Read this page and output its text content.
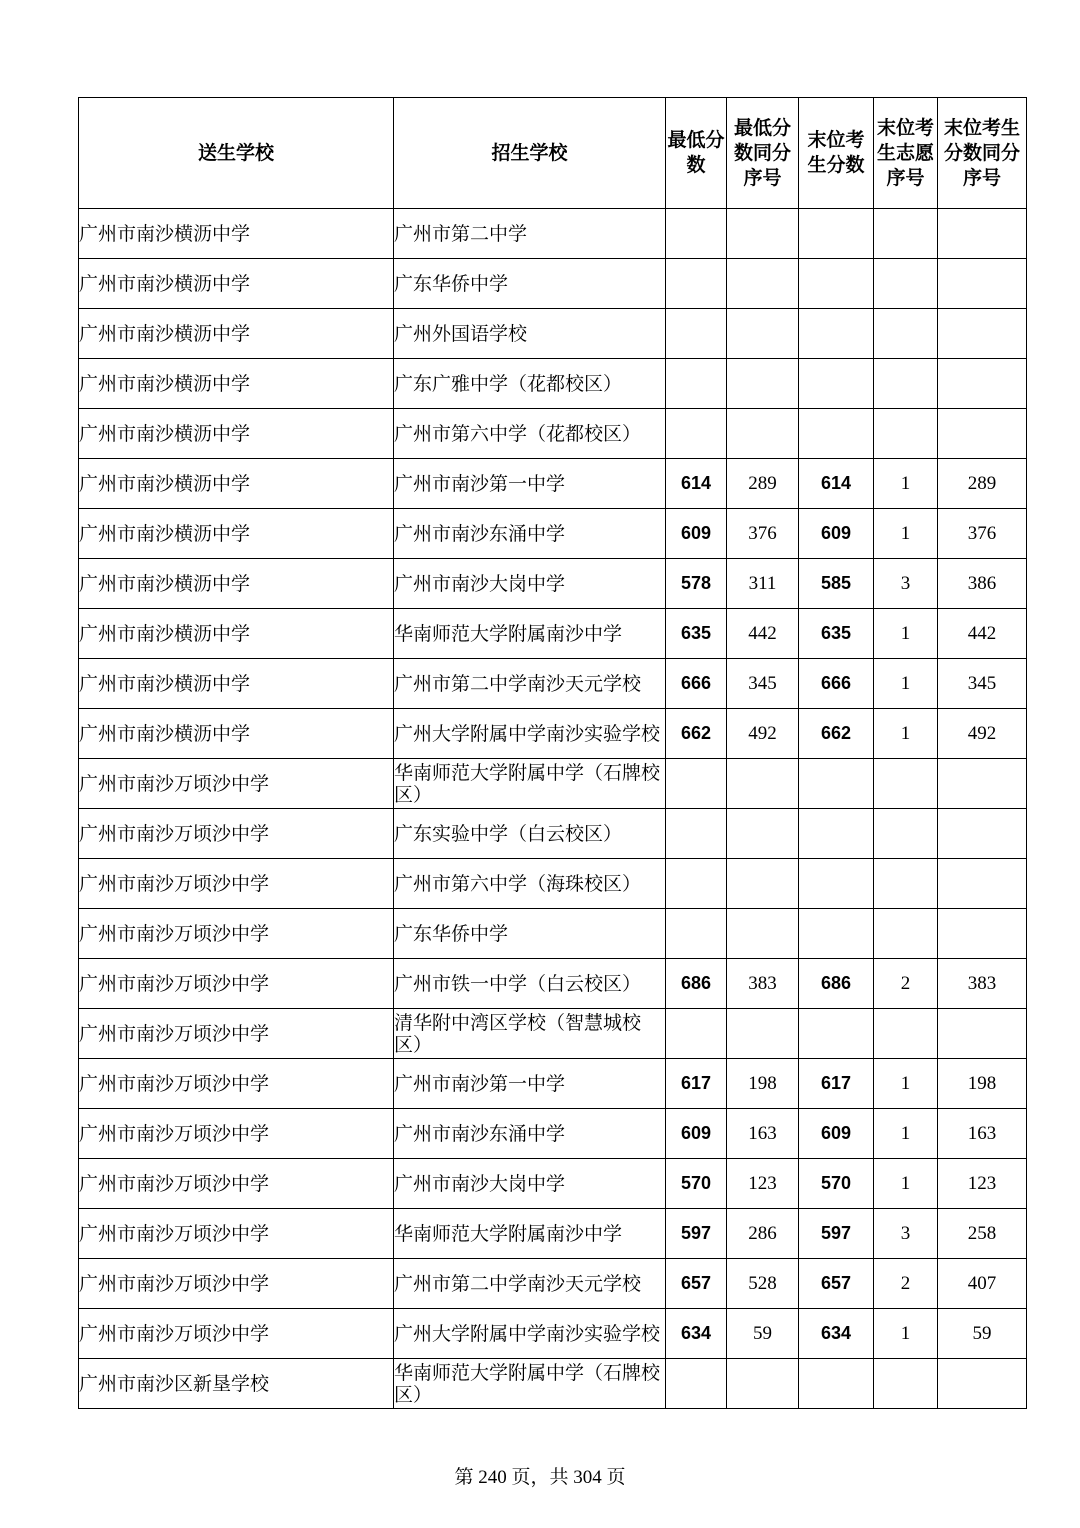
送生学校	招生学校	最低分数	最低分数同分序号	末位考生分数	末位考生志愿序号	末位考生分数同分序号
广州市南沙横沥中学	广州市第二中学					
广州市南沙横沥中学	广东华侨中学					
广州市南沙横沥中学	广州外国语学校					
广州市南沙横沥中学	广东广雅中学（花都校区）					
广州市南沙横沥中学	广州市第六中学（花都校区）					
广州市南沙横沥中学	广州市南沙第一中学	614	289	614	1	289
广州市南沙横沥中学	广州市南沙东涌中学	609	376	609	1	376
广州市南沙横沥中学	广州市南沙大岗中学	578	311	585	3	386
广州市南沙横沥中学	华南师范大学附属南沙中学	635	442	635	1	442
广州市南沙横沥中学	广州市第二中学南沙天元学校	666	345	666	1	345
广州市南沙横沥中学	广州大学附属中学南沙实验学校	662	492	662	1	492
广州市南沙万顷沙中学	华南师范大学附属中学（石牌校区）					
广州市南沙万顷沙中学	广东实验中学（白云校区）					
广州市南沙万顷沙中学	广州市第六中学（海珠校区）					
广州市南沙万顷沙中学	广东华侨中学					
广州市南沙万顷沙中学	广州市铁一中学（白云校区）	686	383	686	2	383
广州市南沙万顷沙中学	清华附中湾区学校（智慧城校区）					
广州市南沙万顷沙中学	广州市南沙第一中学	617	198	617	1	198
广州市南沙万顷沙中学	广州市南沙东涌中学	609	163	609	1	163
广州市南沙万顷沙中学	广州市南沙大岗中学	570	123	570	1	123
广州市南沙万顷沙中学	华南师范大学附属南沙中学	597	286	597	3	258
广州市南沙万顷沙中学	广州市第二中学南沙天元学校	657	528	657	2	407
广州市南沙万顷沙中学	广州大学附属中学南沙实验学校	634	59	634	1	59
广州市南沙区新垦学校	华南师范大学附属中学（石牌校区）					
第 240 页，共 304 页
